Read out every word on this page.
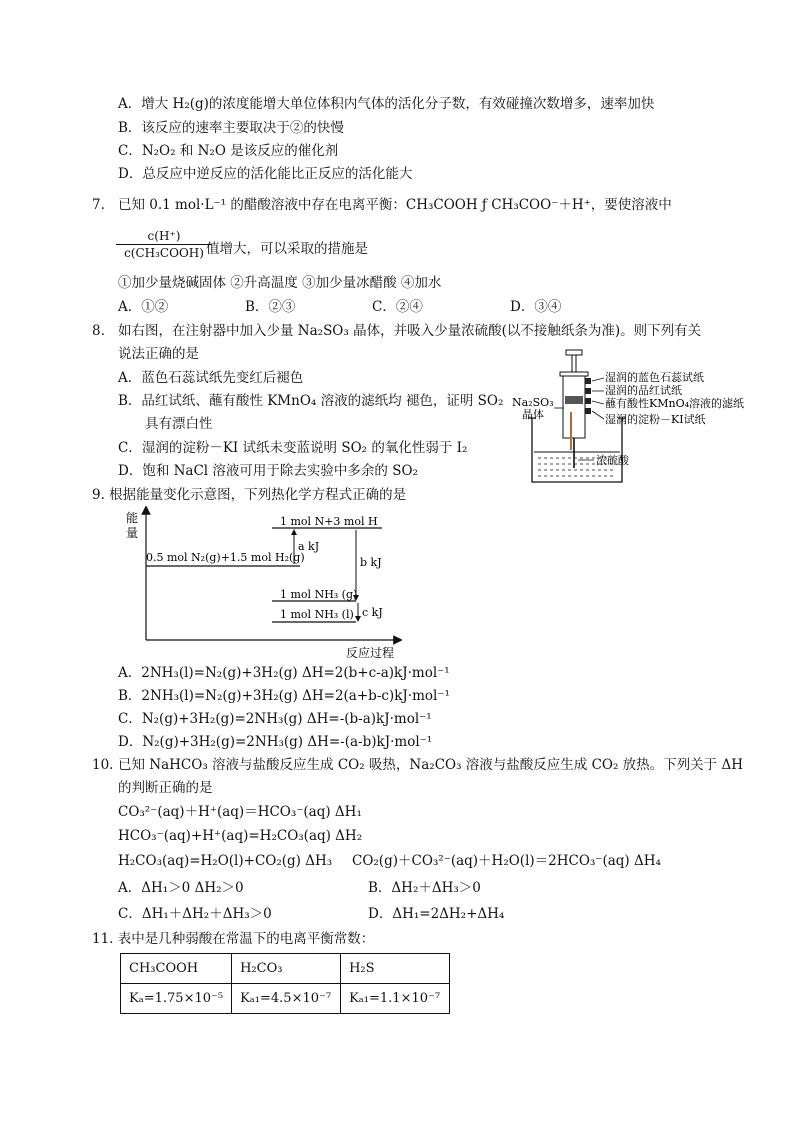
A．增大 H₂(g)的浓度能增大单位体积内气体的活化分子数，有效碰撞次数增多，速率加快
B．该反应的速率主要取决于②的快慢
C．N₂O₂ 和 N₂O 是该反应的催化剂
D．总反应中逆反应的活化能比正反应的活化能大
7. 已知 0.1 mol·L⁻¹ 的醋酸溶液中存在电离平衡：CH₃COOH ƒ CH₃COO⁻＋H⁺，要使溶液中
c(H⁺)
c(CH₃COOH) 值增大，可以采取的措施是
①加少量烧碱固体 ②升高温度 ③加少量冰醋酸 ④加水
A．①②	B．②③	C．②④	D．③④
8. 如右图，在注射器中加入少量 Na₂SO₃ 晶体，并吸入少量浓硫酸(以不接触纸条为准)。则下列有关
说法正确的是
A．蓝色石蕊试纸先变红后褪色
B．品红试纸、蘸有酸性 KMnO₄ 溶液的滤纸均 褪色，证明 SO₂
具有漂白性
C．湿润的淀粉－KI 试纸未变蓝说明 SO₂ 的氧化性弱于 I₂
D．饱和 NaCl 溶液可用于除去实验中多余的 SO₂
湿润的蓝色石蕊试纸
湿润的品红试纸
蘸有酸性KMnO₄溶液的滤纸
湿润的淀粉－KI试纸
Na₂SO₃
晶体
浓硫酸
9. 根据能量变化示意图，下列热化学方程式正确的是
能
量
反应过程
1 mol N+3 mol H
0.5 mol N₂(g)+1.5 mol H₂(g)
1 mol NH₃ (g)
1 mol NH₃ (l)
a kJ
b kJ
c kJ
A．2NH₃(l)=N₂(g)+3H₂(g) ΔH=2(b+c-a)kJ·mol⁻¹
B．2NH₃(l)=N₂(g)+3H₂(g) ΔH=2(a+b-c)kJ·mol⁻¹
C．N₂(g)+3H₂(g)=2NH₃(g) ΔH=-(b-a)kJ·mol⁻¹
D．N₂(g)+3H₂(g)=2NH₃(g) ΔH=-(a-b)kJ·mol⁻¹
10. 已知 NaHCO₃ 溶液与盐酸反应生成 CO₂ 吸热，Na₂CO₃ 溶液与盐酸反应生成 CO₂ 放热。下列关于 ΔH
的判断正确的是
CO₃²⁻(aq)＋H⁺(aq)＝HCO₃⁻(aq) ΔH₁
HCO₃⁻(aq)+H⁺(aq)=H₂CO₃(aq) ΔH₂
H₂CO₃(aq)=H₂O(l)+CO₂(g) ΔH₃ CO₂(g)＋CO₃²⁻(aq)＋H₂O(l)＝2HCO₃⁻(aq) ΔH₄
A．ΔH₁＞0 ΔH₂＞0	B．ΔH₂＋ΔH₃＞0
C．ΔH₁＋ΔH₂＋ΔH₃＞0	D．ΔH₁=2ΔH₂+ΔH₄
11. 表中是几种弱酸在常温下的电离平衡常数：
CH₃COOH	H₂CO₃	H₂S
Kₐ=1.75×10⁻⁵	Kₐ₁=4.5×10⁻⁷	Kₐ₁=1.1×10⁻⁷
